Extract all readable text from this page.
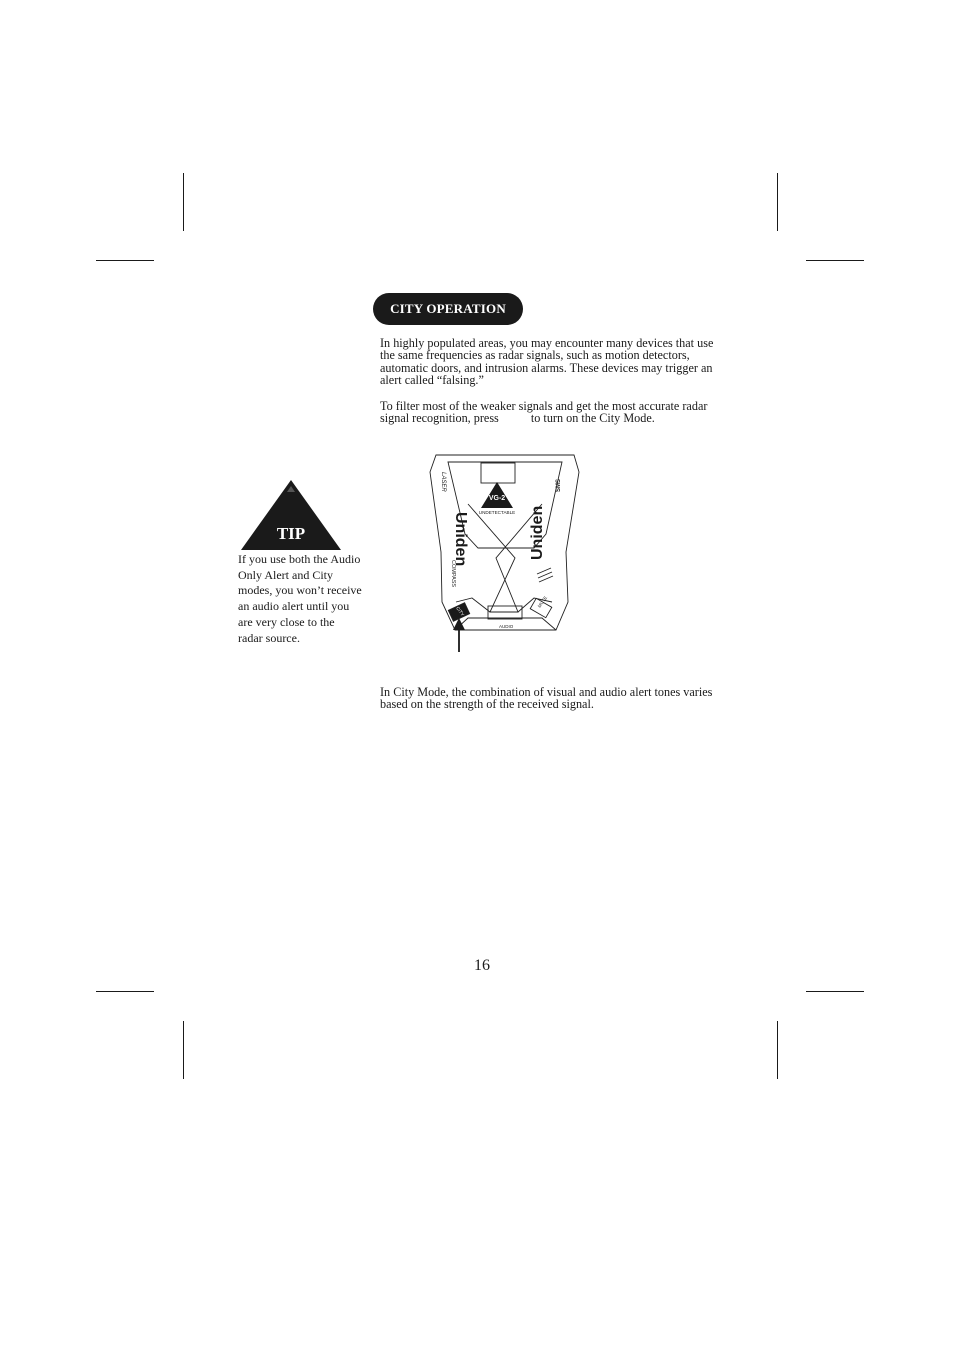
CITY OPERATION

In highly populated areas, you may encounter many devices that use the same frequencies as radar signals, such as motion detectors, automatic doors, and intrusion alarms. These devices may trigger an alert called “falsing.”

To filter most of the weaker signals and get the most accurate radar signal recognition, press	to turn on the City Mode.

TIP

If you use both the Audio Only Alert and City modes, you won’t receive an audio alert until you are very close to the radar source.

VG-2
UNDETECTABLE
Uniden	Uniden
COMPASS
LASER	SMS
CITY
AUDIO
MUTE

In City Mode, the combination of visual and audio alert tones varies based on the strength of the received signal.

16
